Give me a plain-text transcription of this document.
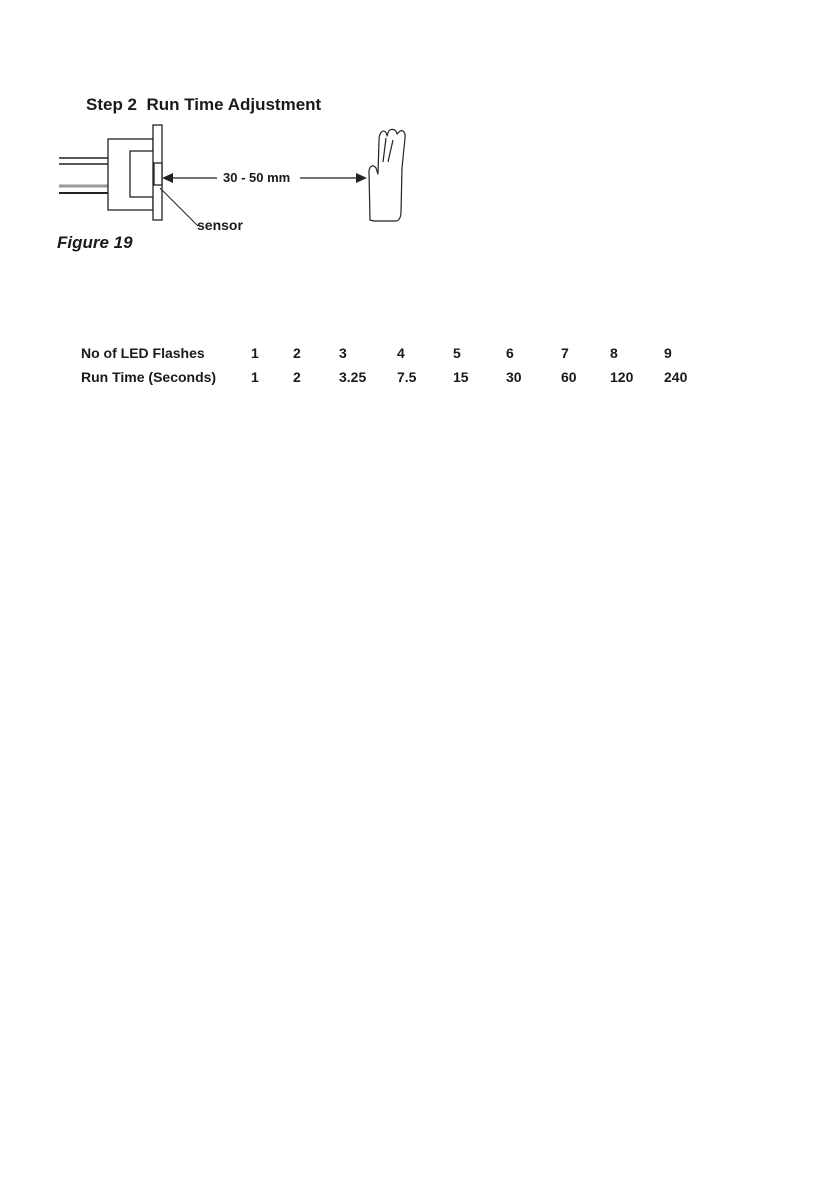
Step 2  Run Time Adjustment
30 - 50 mm
sensor
Figure 19
No of LED Flashes	1 2	3	4	5	6	7	8	9
Run Time (Seconds) 1 2	3.25 7.5	15	30	60 120 240
